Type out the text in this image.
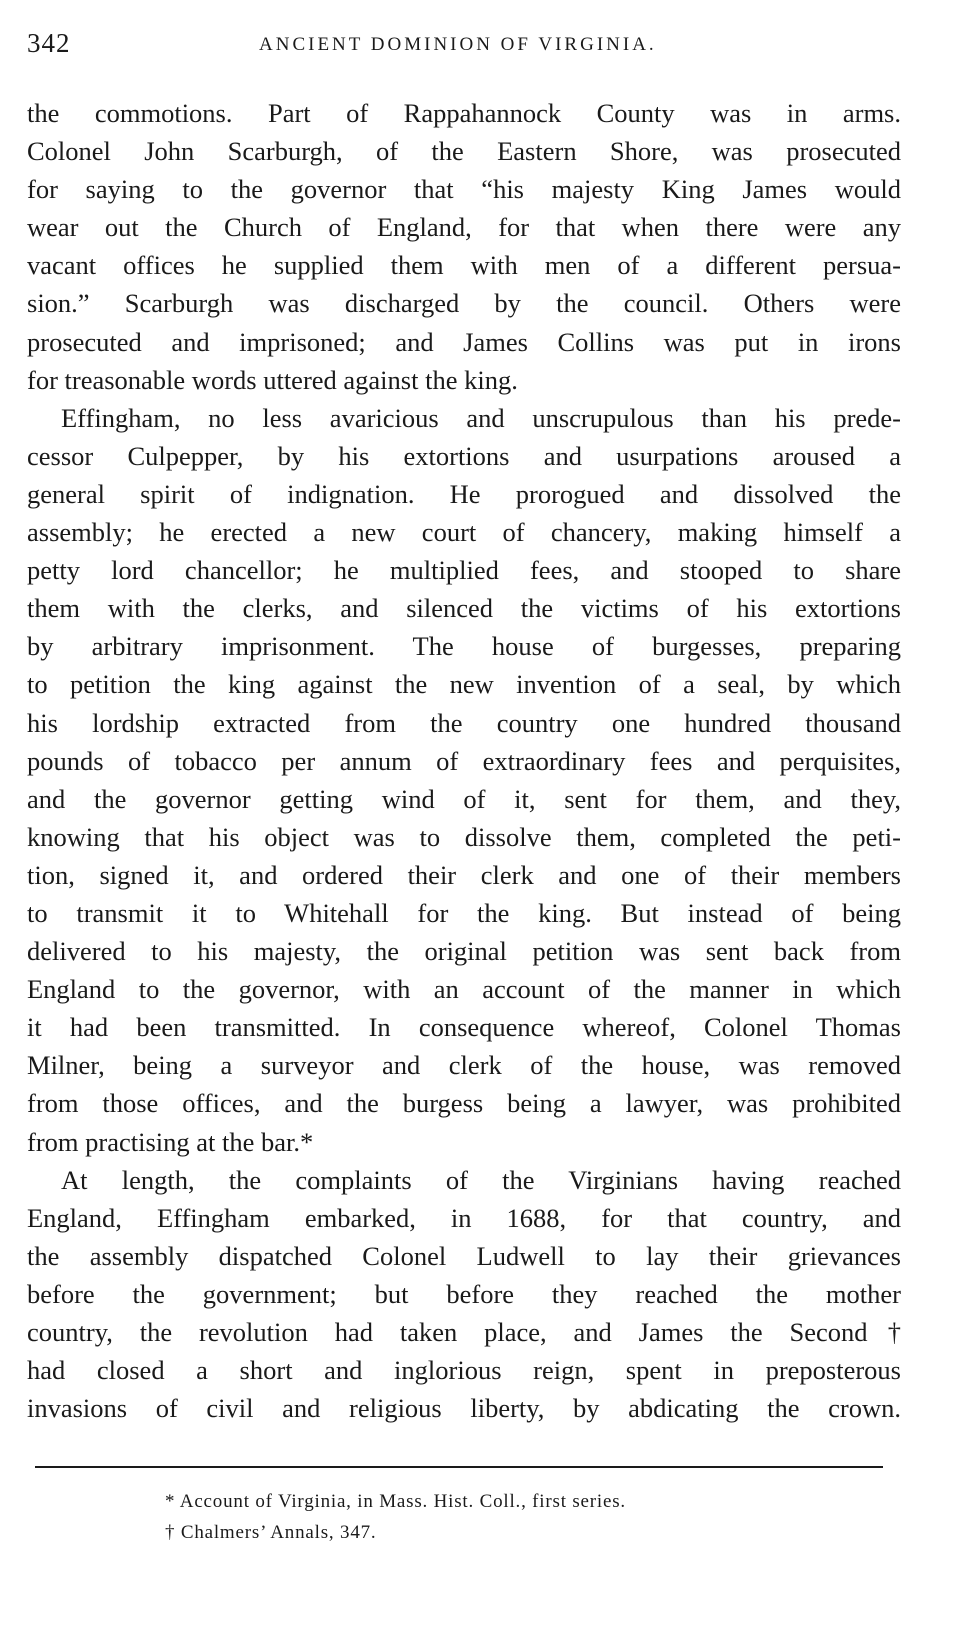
342	ANCIENT DOMINION OF VIRGINIA.
the commotions. Part of Rappahannock County was in arms.
Colonel John Scarburgh, of the Eastern Shore, was prosecuted
for saying to the governor that “his majesty King James would
wear out the Church of England, for that when there were any
vacant offices he supplied them with men of a different persua-
sion.” Scarburgh was discharged by the council. Others were
prosecuted and imprisoned; and James Collins was put in irons
for treasonable words uttered against the king.
Effingham, no less avaricious and unscrupulous than his prede-
cessor Culpepper, by his extortions and usurpations aroused a
general spirit of indignation. He prorogued and dissolved the
assembly; he erected a new court of chancery, making himself a
petty lord chancellor; he multiplied fees, and stooped to share
them with the clerks, and silenced the victims of his extortions
by arbitrary imprisonment. The house of burgesses, preparing
to petition the king against the new invention of a seal, by which
his lordship extracted from the country one hundred thousand
pounds of tobacco per annum of extraordinary fees and perquisites,
and the governor getting wind of it, sent for them, and they,
knowing that his object was to dissolve them, completed the peti-
tion, signed it, and ordered their clerk and one of their members
to transmit it to Whitehall for the king. But instead of being
delivered to his majesty, the original petition was sent back from
England to the governor, with an account of the manner in which
it had been transmitted. In consequence whereof, Colonel Thomas
Milner, being a surveyor and clerk of the house, was removed
from those offices, and the burgess being a lawyer, was prohibited
from practising at the bar.*
At length, the complaints of the Virginians having reached
England, Effingham embarked, in 1688, for that country, and
the assembly dispatched Colonel Ludwell to lay their grievances
before the government; but before they reached the mother
country, the revolution had taken place, and James the Second†
had closed a short and inglorious reign, spent in preposterous
invasions of civil and religious liberty, by abdicating the crown.
* Account of Virginia, in Mass. Hist. Coll., first series.
† Chalmers’ Annals, 347.
